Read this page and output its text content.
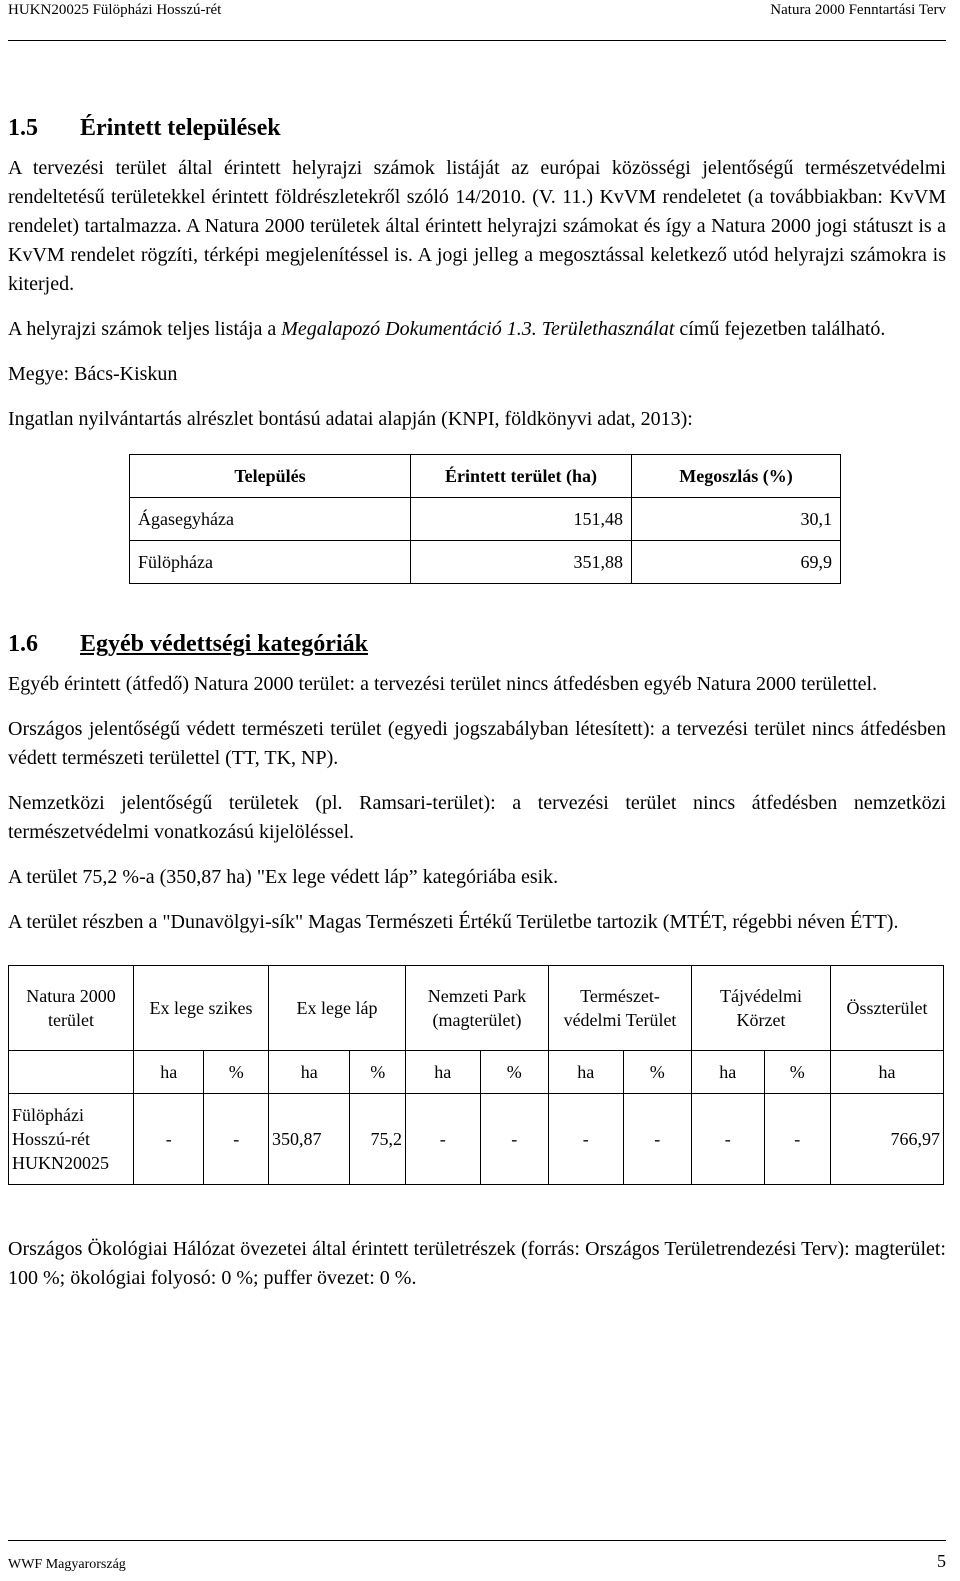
HUKN20025 Fülöpházi Hosszú-rét	Natura 2000 Fenntartási Terv
1.5 Érintett települések

A tervezési terület által érintett helyrajzi számok listáját az európai közösségi jelentőségű természetvédelmi rendeltetésű területekkel érintett földrészletekről szóló 14/2010. (V. 11.) KvVM rendeletet (a továbbiakban: KvVM rendelet) tartalmazza. A Natura 2000 területek által érintett helyrajzi számokat és így a Natura 2000 jogi státuszt is a KvVM rendelet rögzíti, térképi megjelenítéssel is. A jogi jelleg a megosztással keletkező utód helyrajzi számokra is kiterjed.

A helyrajzi számok teljes listája a Megalapozó Dokumentáció 1.3. Területhasználat című fejezetben található.

Megye: Bács-Kiskun

Ingatlan nyilvántartás alrészlet bontású adatai alapján (KNPI, földkönyvi adat, 2013):

Település	Érintett terület (ha)	Megoszlás (%)
Ágasegyháza	151,48	30,1
Fülöpháza	351,88	69,9
1.6 Egyéb védettségi kategóriák

Egyéb érintett (átfedő) Natura 2000 terület: a tervezési terület nincs átfedésben egyéb Natura 2000 területtel.

Országos jelentőségű védett természeti terület (egyedi jogszabályban létesített): a tervezési terület nincs átfedésben védett természeti területtel (TT, TK, NP).

Nemzetközi jelentőségű területek (pl. Ramsari-terület): a tervezési terület nincs átfedésben nemzetközi természetvédelmi vonatkozású kijelöléssel.

A terület 75,2 %-a (350,87 ha) "Ex lege védett láp” kategóriába esik.

A terület részben a "Dunavölgyi-sík" Magas Természeti Értékű Területbe tartozik (MTÉT, régebbi néven ÉTT).

Natura 2000 terület	Ex lege szikes		Ex lege láp		Nemzeti Park (magterület)		Természet-védelmi Terület		Tájvédelmi Körzet		Összterület
	ha	%	ha	%	ha	%	ha	%	ha	%	ha
Fülöpházi Hosszú-rét HUKN20025	-	-	350,87	75,2	-	-	-	-	-	-	766,97

Országos Ökológiai Hálózat övezetei által érintett területrészek (forrás: Országos Területrendezési Terv): magterület: 100 %; ökológiai folyosó: 0 %; puffer övezet: 0 %.

WWF Magyarország	5
